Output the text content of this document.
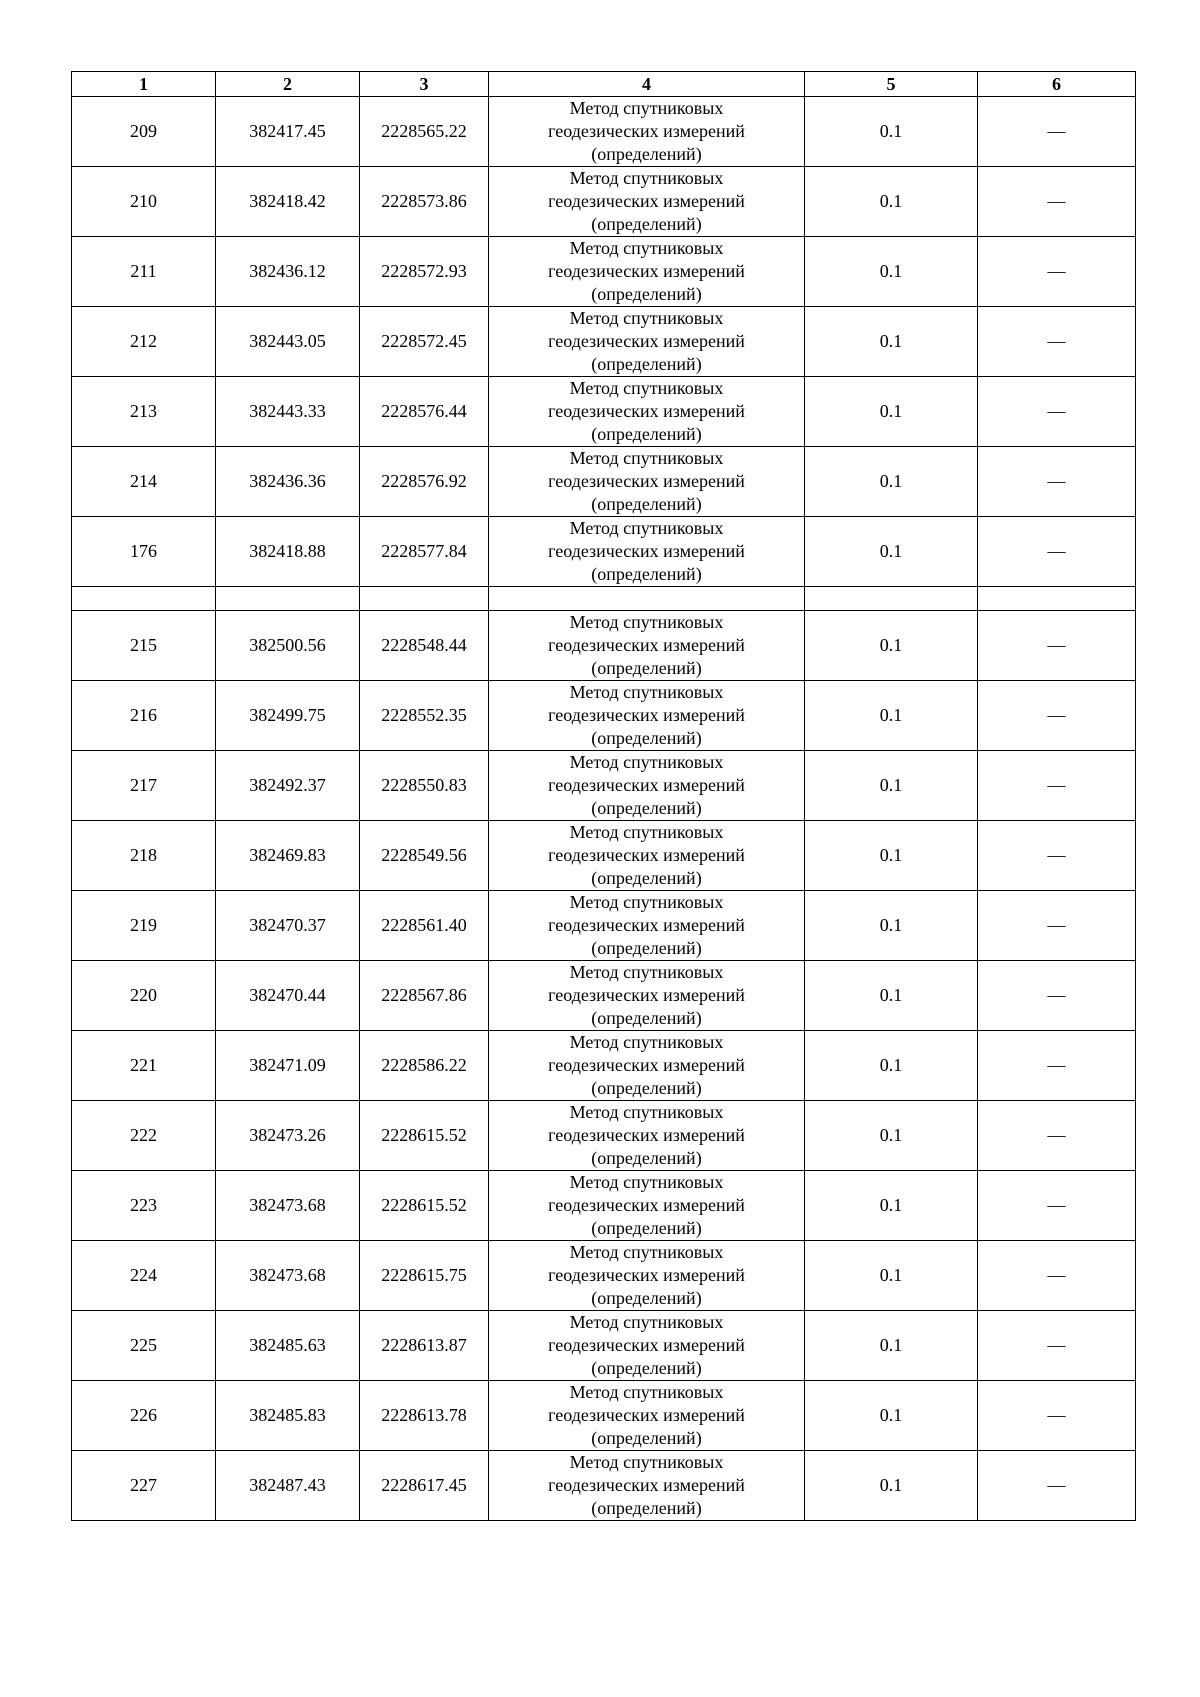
1	2	3	4	5	6
209	382417.45	2228565.22	Метод спутниковых
геодезических измерений
(определений)	0.1	—
210	382418.42	2228573.86	Метод спутниковых
геодезических измерений
(определений)	0.1	—
211	382436.12	2228572.93	Метод спутниковых
геодезических измерений
(определений)	0.1	—
212	382443.05	2228572.45	Метод спутниковых
геодезических измерений
(определений)	0.1	—
213	382443.33	2228576.44	Метод спутниковых
геодезических измерений
(определений)	0.1	—
214	382436.36	2228576.92	Метод спутниковых
геодезических измерений
(определений)	0.1	—
176	382418.88	2228577.84	Метод спутниковых
геодезических измерений
(определений)	0.1	—

215	382500.56	2228548.44	Метод спутниковых
геодезических измерений
(определений)	0.1	—
216	382499.75	2228552.35	Метод спутниковых
геодезических измерений
(определений)	0.1	—
217	382492.37	2228550.83	Метод спутниковых
геодезических измерений
(определений)	0.1	—
218	382469.83	2228549.56	Метод спутниковых
геодезических измерений
(определений)	0.1	—
219	382470.37	2228561.40	Метод спутниковых
геодезических измерений
(определений)	0.1	—
220	382470.44	2228567.86	Метод спутниковых
геодезических измерений
(определений)	0.1	—
221	382471.09	2228586.22	Метод спутниковых
геодезических измерений
(определений)	0.1	—
222	382473.26	2228615.52	Метод спутниковых
геодезических измерений
(определений)	0.1	—
223	382473.68	2228615.52	Метод спутниковых
геодезических измерений
(определений)	0.1	—
224	382473.68	2228615.75	Метод спутниковых
геодезических измерений
(определений)	0.1	—
225	382485.63	2228613.87	Метод спутниковых
геодезических измерений
(определений)	0.1	—
226	382485.83	2228613.78	Метод спутниковых
геодезических измерений
(определений)	0.1	—
227	382487.43	2228617.45	Метод спутниковых
геодезических измерений
(определений)	0.1	—
